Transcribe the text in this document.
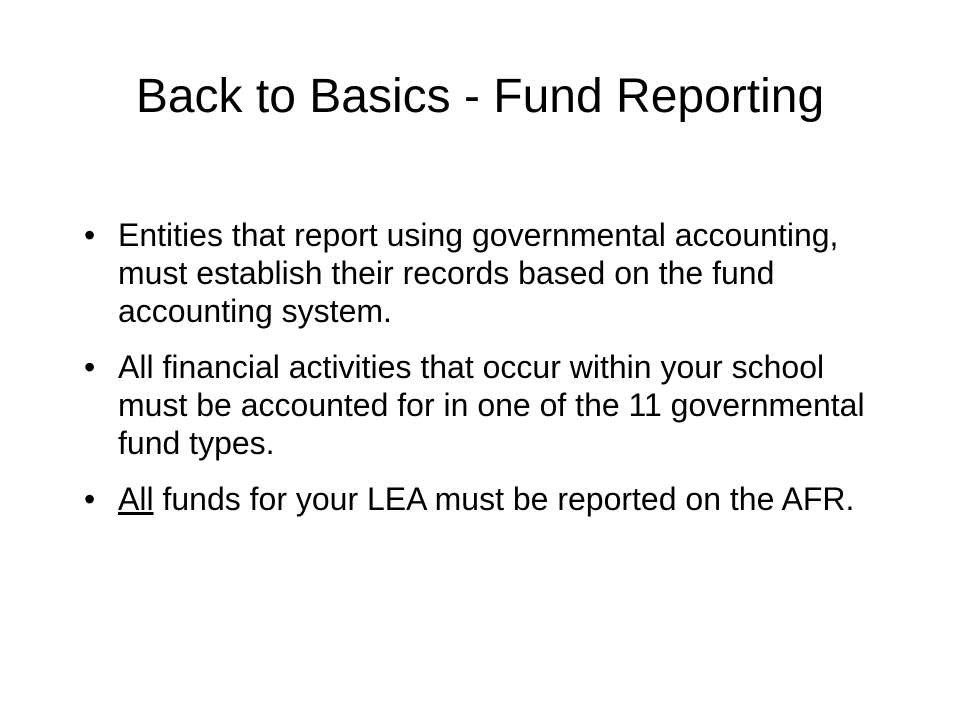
Back to Basics - Fund Reporting
• Entities that report using governmental accounting, must establish their records based on the fund accounting system.
• All financial activities that occur within your school must be accounted for in one of the 11 governmental fund types.
• All funds for your LEA must be reported on the AFR.
